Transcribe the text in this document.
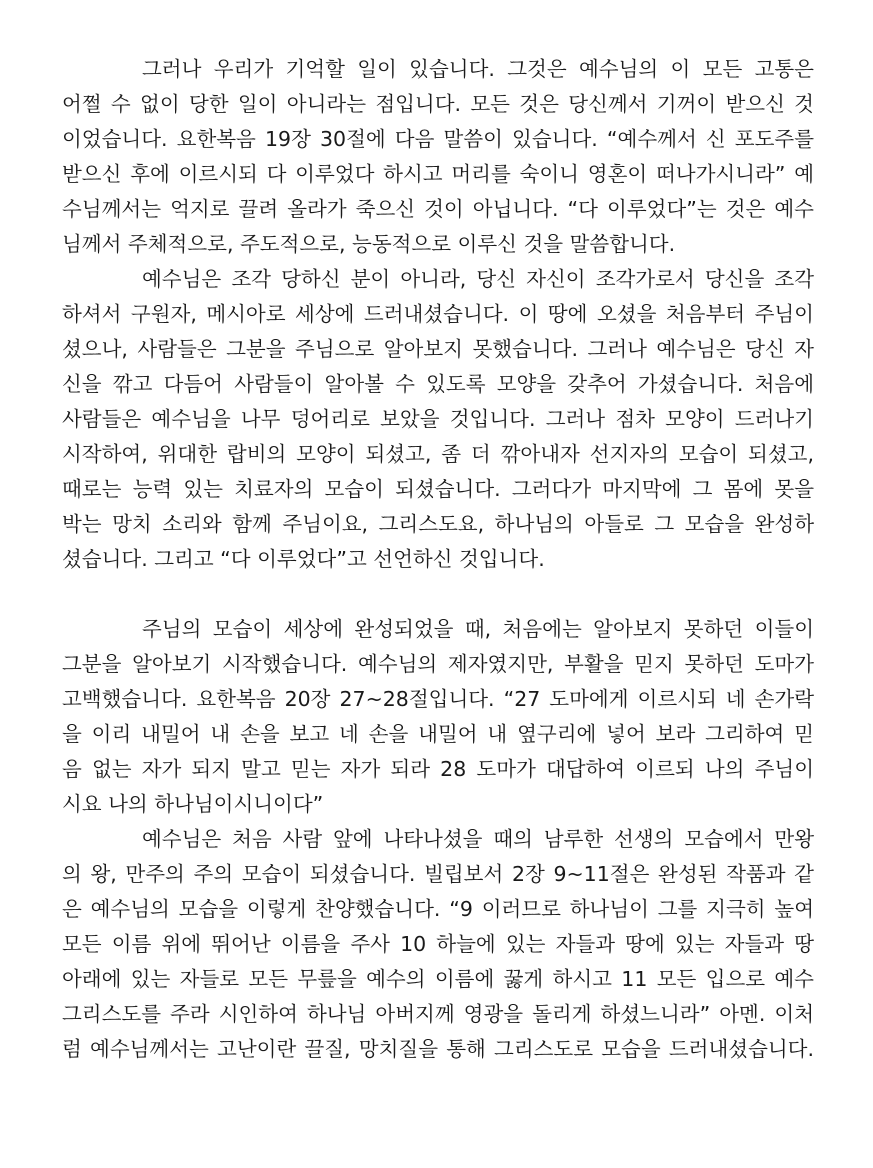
그러나 우리가 기억할 일이 있습니다. 그것은 예수님의 이 모든 고통은
어쩔 수 없이 당한 일이 아니라는 점입니다. 모든 것은 당신께서 기꺼이 받으신 것
이었습니다. 요한복음 19장 30절에 다음 말씀이 있습니다. “예수께서 신 포도주를
받으신 후에 이르시되 다 이루었다 하시고 머리를 숙이니 영혼이 떠나가시니라” 예
수님께서는 억지로 끌려 올라가 죽으신 것이 아닙니다. “다 이루었다”는 것은 예수
님께서 주체적으로, 주도적으로, 능동적으로 이루신 것을 말씀합니다.
예수님은 조각 당하신 분이 아니라, 당신 자신이 조각가로서 당신을 조각
하셔서 구원자, 메시아로 세상에 드러내셨습니다. 이 땅에 오셨을 처음부터 주님이
셨으나, 사람들은 그분을 주님으로 알아보지 못했습니다. 그러나 예수님은 당신 자
신을 깎고 다듬어 사람들이 알아볼 수 있도록 모양을 갖추어 가셨습니다. 처음에
사람들은 예수님을 나무 덩어리로 보았을 것입니다. 그러나 점차 모양이 드러나기
시작하여, 위대한 랍비의 모양이 되셨고, 좀 더 깎아내자 선지자의 모습이 되셨고,
때로는 능력 있는 치료자의 모습이 되셨습니다. 그러다가 마지막에 그 몸에 못을
박는 망치 소리와 함께 주님이요, 그리스도요, 하나님의 아들로 그 모습을 완성하
셨습니다. 그리고 “다 이루었다”고 선언하신 것입니다.
주님의 모습이 세상에 완성되었을 때, 처음에는 알아보지 못하던 이들이
그분을 알아보기 시작했습니다. 예수님의 제자였지만, 부활을 믿지 못하던 도마가
고백했습니다. 요한복음 20장 27~28절입니다. “27 도마에게 이르시되 네 손가락
을 이리 내밀어 내 손을 보고 네 손을 내밀어 내 옆구리에 넣어 보라 그리하여 믿
음 없는 자가 되지 말고 믿는 자가 되라 28 도마가 대답하여 이르되 나의 주님이
시요 나의 하나님이시니이다”
예수님은 처음 사람 앞에 나타나셨을 때의 남루한 선생의 모습에서 만왕
의 왕, 만주의 주의 모습이 되셨습니다. 빌립보서 2장 9~11절은 완성된 작품과 같
은 예수님의 모습을 이렇게 찬양했습니다. “9 이러므로 하나님이 그를 지극히 높여
모든 이름 위에 뛰어난 이름을 주사 10 하늘에 있는 자들과 땅에 있는 자들과 땅
아래에 있는 자들로 모든 무릎을 예수의 이름에 꿇게 하시고 11 모든 입으로 예수
그리스도를 주라 시인하여 하나님 아버지께 영광을 돌리게 하셨느니라” 아멘. 이처
럼 예수님께서는 고난이란 끌질, 망치질을 통해 그리스도로 모습을 드러내셨습니다.
